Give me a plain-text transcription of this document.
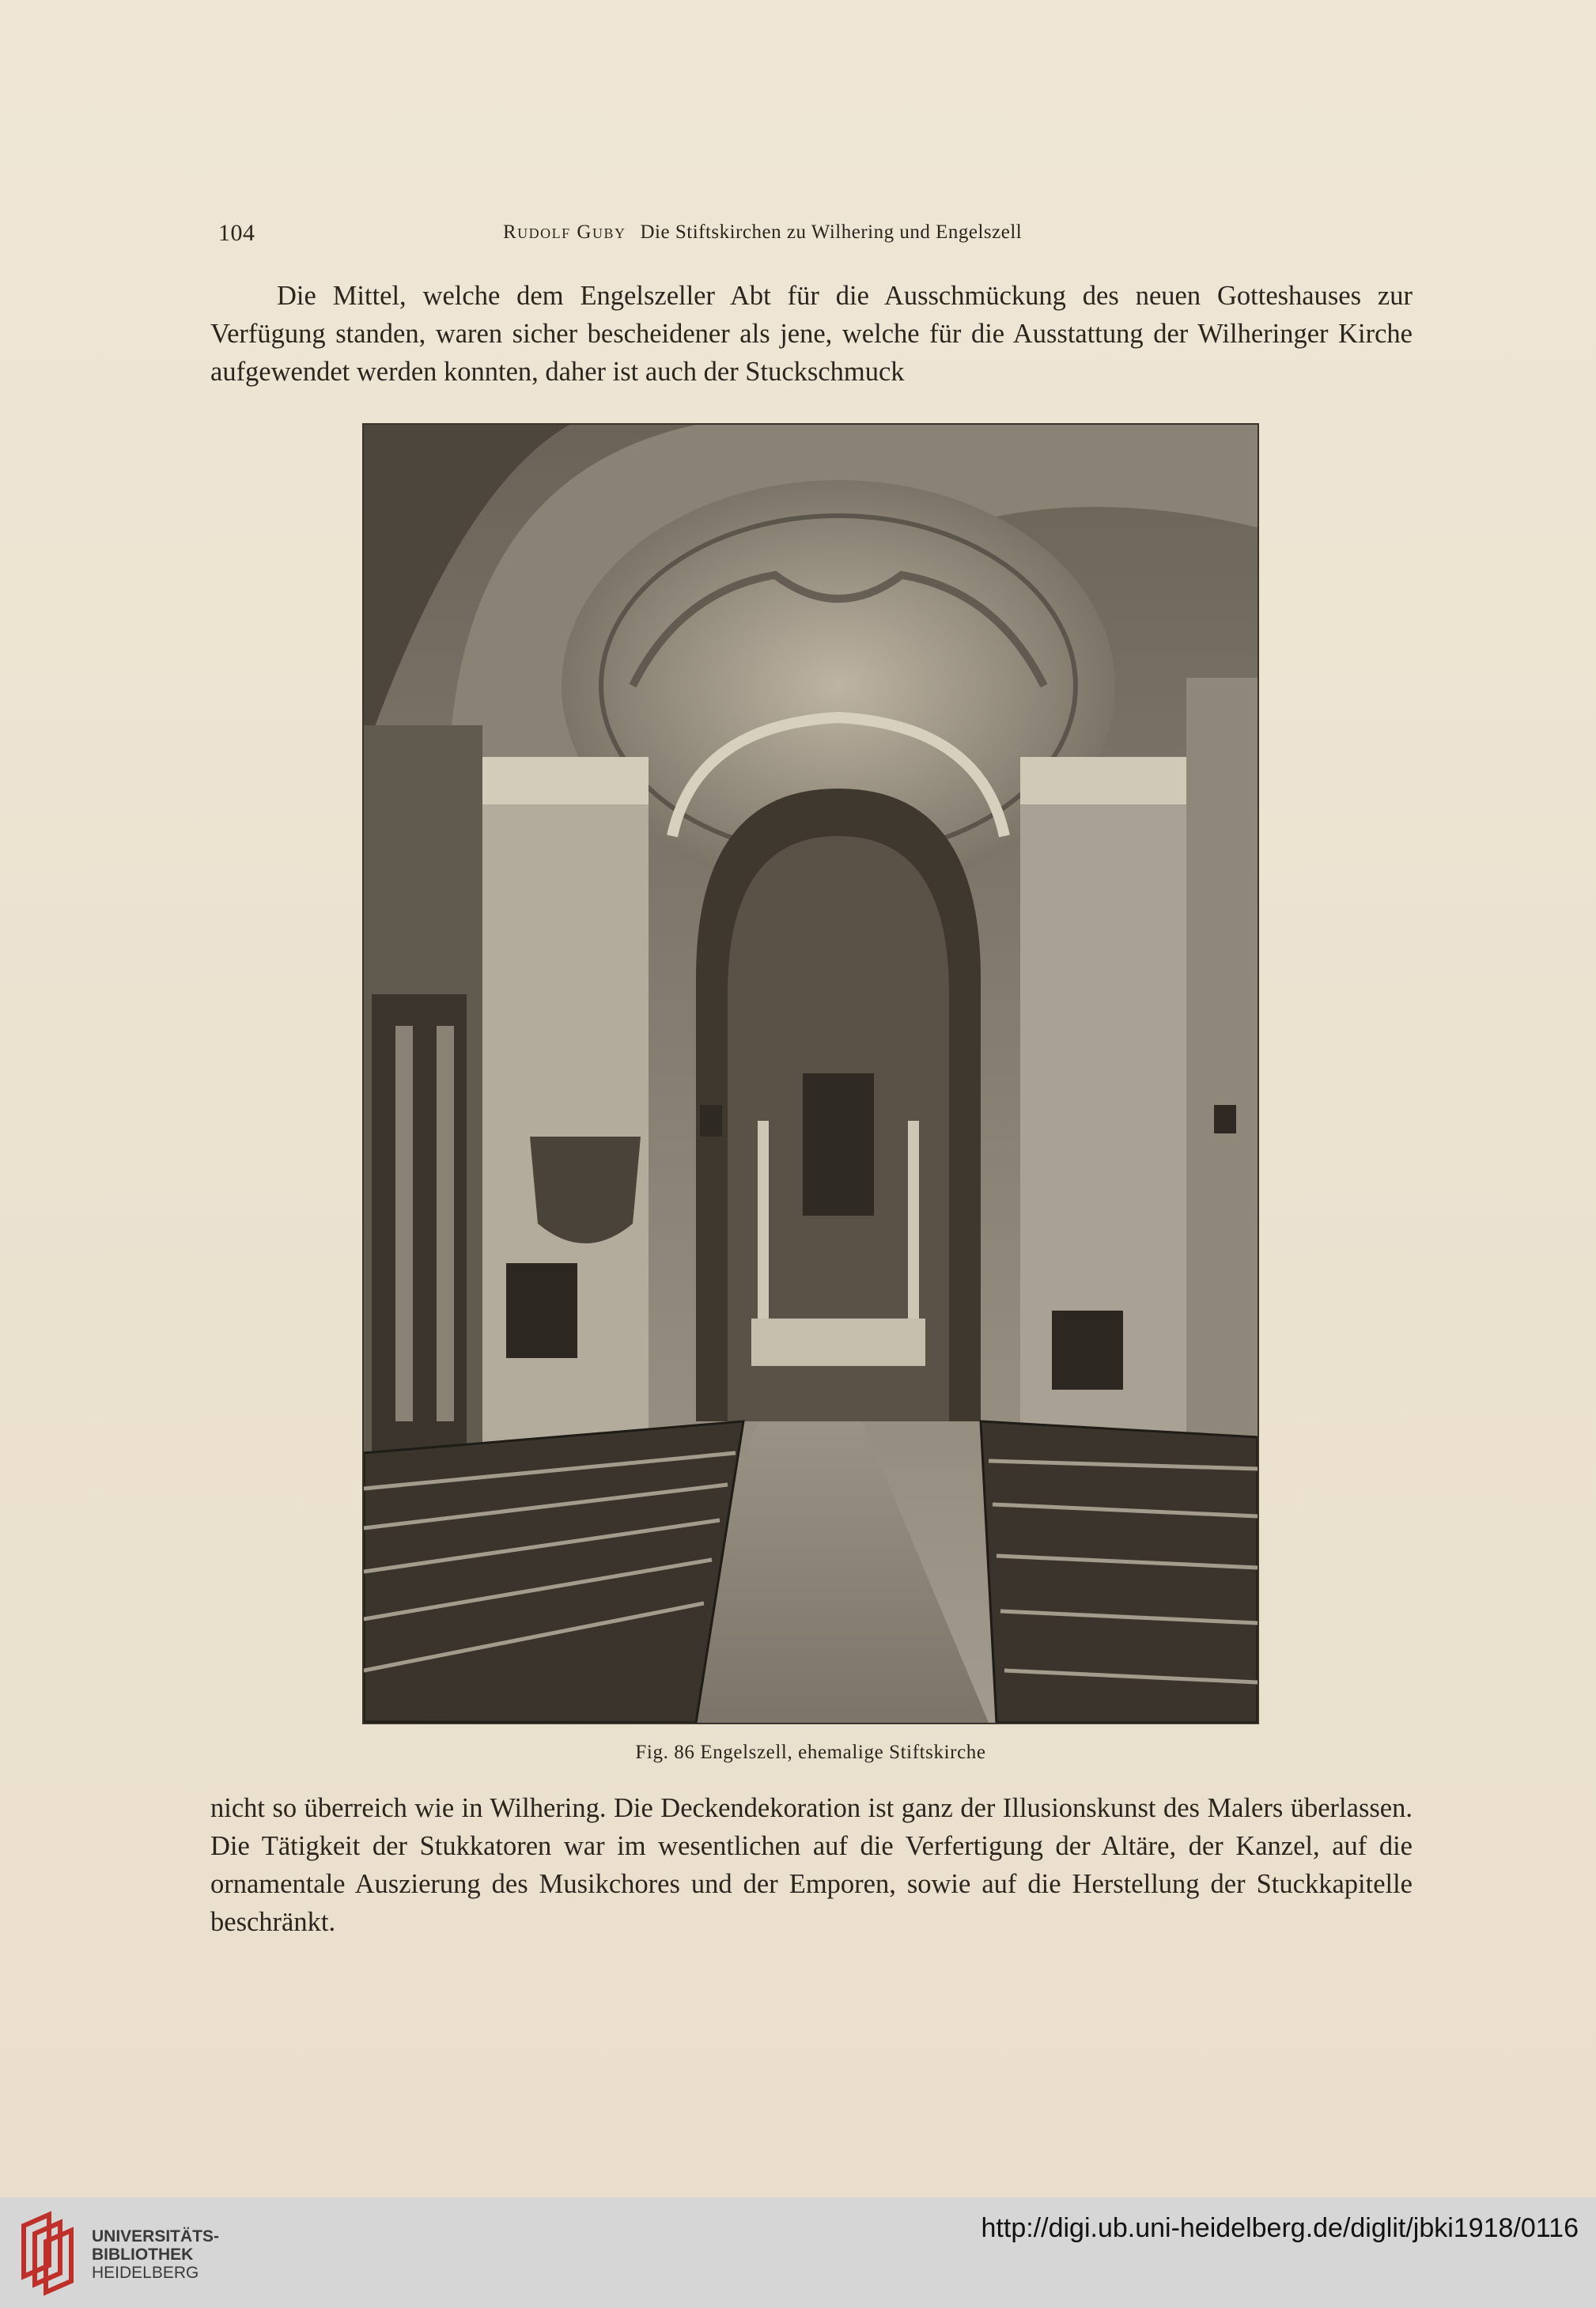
104	Rudolf Guby Die Stiftskirchen zu Wilhering und Engelszell

Die Mittel, welche dem Engelszeller Abt für die Ausschmückung des neuen Gotteshauses zur Verfügung standen, waren sicher bescheidener als jene, welche für die Ausstattung der Wilheringer Kirche aufgewendet werden konnten, daher ist auch der Stuckschmuck

Fig. 86 Engelszell, ehemalige Stiftskirche

nicht so überreich wie in Wilhering. Die Deckendekoration ist ganz der Illusionskunst des Malers überlassen. Die Tätigkeit der Stukkatoren war im wesentlichen auf die Verfertigung der Altäre, der Kanzel, auf die ornamentale Auszierung des Musikchores und der Emporen, sowie auf die Herstellung der Stuckkapitelle beschränkt.

UNIVERSITÄTS-
BIBLIOTHEK
HEIDELBERG
http://digi.ub.uni-heidelberg.de/diglit/jbki1918/0116
